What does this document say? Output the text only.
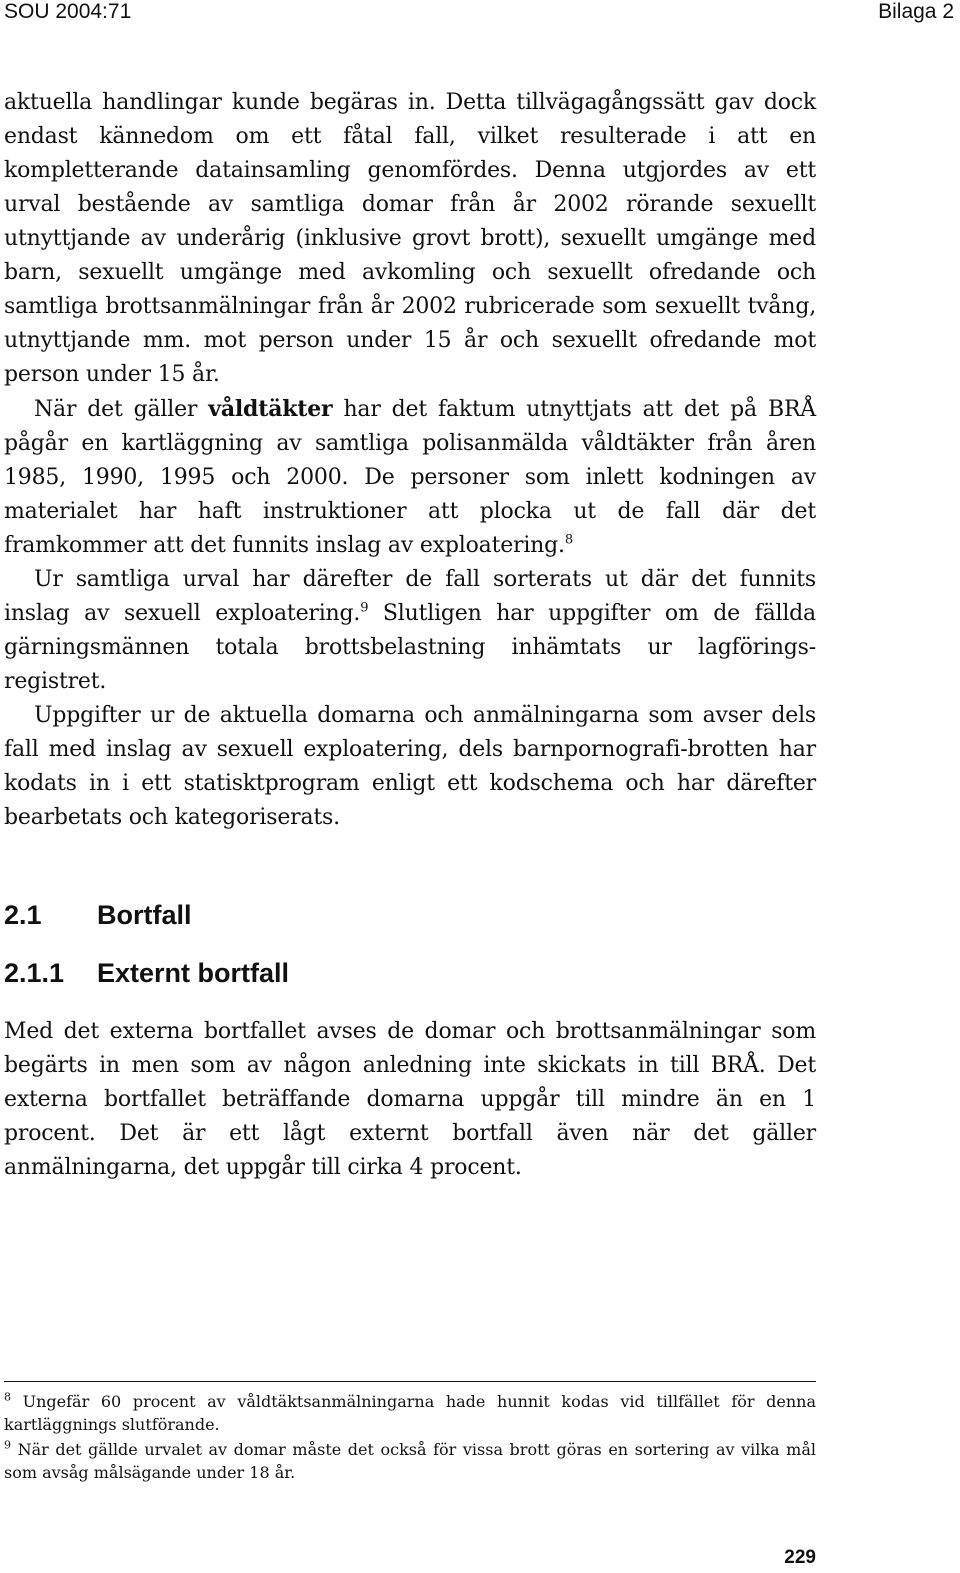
SOU 2004:71	Bilaga 2

aktuella handlingar kunde begäras in. Detta tillvägagångssätt gav dock endast kännedom om ett fåtal fall, vilket resulterade i att en kompletterande datainsamling genomfördes. Denna utgjordes av ett urval bestående av samtliga domar från år 2002 rörande sexuellt utnyttjande av underårig (inklusive grovt brott), sexuellt umgänge med barn, sexuellt umgänge med avkomling och sexuellt ofredande och samtliga brottsanmälningar från år 2002 rubricerade som sexuellt tvång, utnyttjande mm. mot person under 15 år och sexuellt ofredande mot person under 15 år.

När det gäller våldtäkter har det faktum utnyttjats att det på BRÅ pågår en kartläggning av samtliga polisanmälda våldtäkter från åren 1985, 1990, 1995 och 2000. De personer som inlett kodningen av materialet har haft instruktioner att plocka ut de fall där det framkommer att det funnits inslag av exploatering.$^8$

Ur samtliga urval har därefter de fall sorterats ut där det funnits inslag av sexuell exploatering.$^9$ Slutligen har uppgifter om de fällda gärningsmännen totala brottsbelastning inhämtats ur lagförings-registret.

Uppgifter ur de aktuella domarna och anmälningarna som avser dels fall med inslag av sexuell exploatering, dels barnpornografi-brotten har kodats in i ett statisktprogram enligt ett kodschema och har därefter bearbetats och kategoriserats.

2.1 Bortfall
2.1.1 Externt bortfall

Med det externa bortfallet avses de domar och brottsanmälningar som begärts in men som av någon anledning inte skickats in till BRÅ. Det externa bortfallet beträffande domarna uppgår till mindre än en 1 procent. Det är ett lågt externt bortfall även när det gäller anmälningarna, det uppgår till cirka 4 procent.

$^8$ Ungefär 60 procent av våldtäktsanmälningarna hade hunnit kodas vid tillfället för denna kartläggnings slutförande.

$^9$ När det gällde urvalet av domar måste det också för vissa brott göras en sortering av vilka mål som avsåg målsägande under 18 år.

229
